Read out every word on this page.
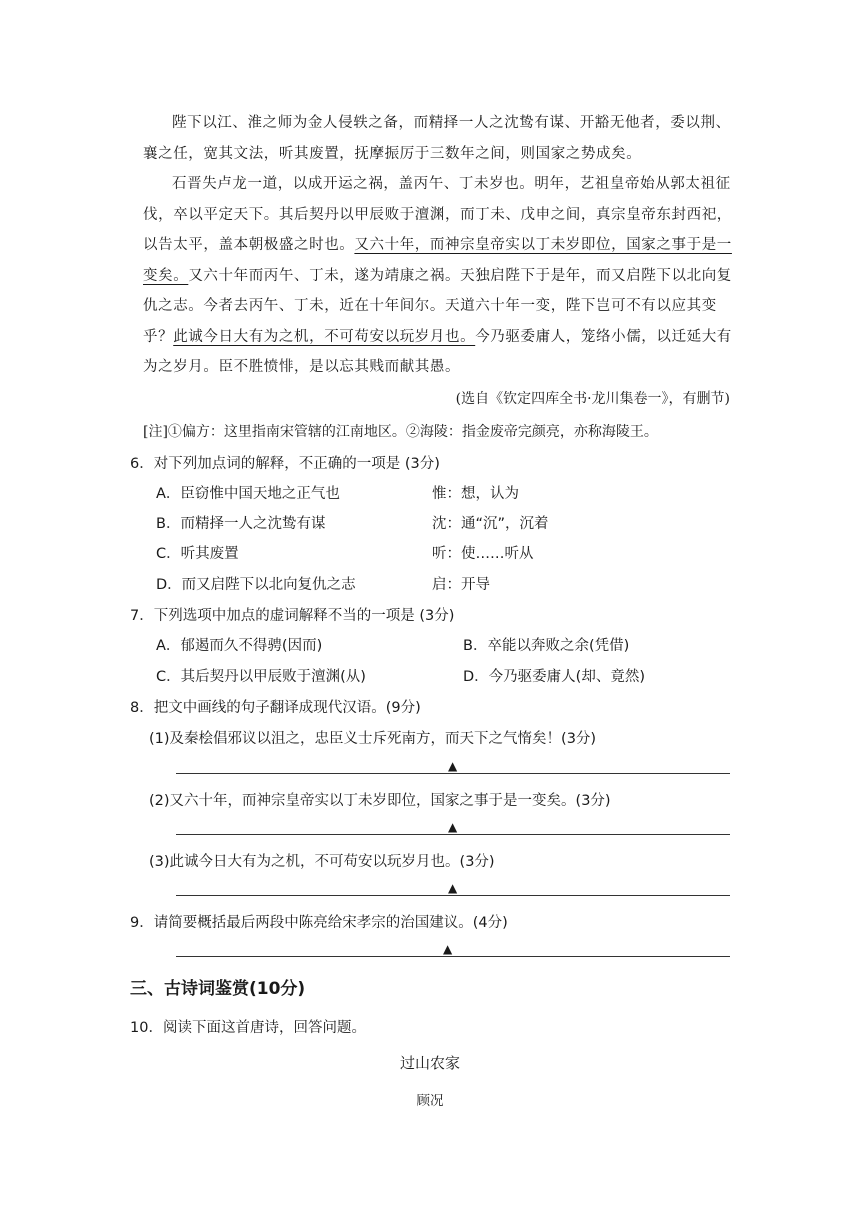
陛下以江、淮之师为金人侵轶之备，而精择一人之沈鸷有谋、开豁无他者，委以荆、襄之任，宽其文法，听其废置，抚摩振厉于三数年之间，则国家之势成矣。

石晋失卢龙一道，以成开运之祸，盖丙午、丁未岁也。明年，艺祖皇帝始从郭太祖征伐，卒以平定天下。其后契丹以甲辰败于澶渊，而丁未、戊申之间，真宗皇帝东封西祀，以告太平，盖本朝极盛之时也。又六十年，而神宗皇帝实以丁未岁即位，国家之事于是一变矣。又六十年而丙午、丁未，遂为靖康之祸。天独启陛下于是年，而又启陛下以北向复仇之志。今者去丙午、丁未，近在十年间尔。天道六十年一变，陛下岂可不有以应其变乎？此诚今日大有为之机，不可苟安以玩岁月也。今乃驱委庸人，笼络小儒，以迁延大有为之岁月。臣不胜愤悱，是以忘其贱而献其愚。

(选自《钦定四库全书·龙川集卷一》，有删节)
[注]①偏方：这里指南宋管辖的江南地区。②海陵：指金废帝完颜亮，亦称海陵王。
6．对下列加点词的解释，不正确的一项是 (3分)
A．臣窃惟中国天地之正气也	惟：想，认为
B．而精择一人之沈鸷有谋	沈：通“沉”，沉着
C．听其废置	听：使……听从
D．而又启陛下以北向复仇之志	启：开导
7．下列选项中加点的虚词解释不当的一项是 (3分)
A．郁遏而久不得骋(因而)	B．卒能以奔败之余(凭借)
C．其后契丹以甲辰败于澶渊(从)	D．今乃驱委庸人(却、竟然)
8．把文中画线的句子翻译成现代汉语。(9分)
(1)及秦桧倡邪议以沮之，忠臣义士斥死南方，而天下之气惰矣！(3分)
▲
(2)又六十年，而神宗皇帝实以丁未岁即位，国家之事于是一变矣。(3分)
▲
(3)此诚今日大有为之机，不可苟安以玩岁月也。(3分)
▲
9．请简要概括最后两段中陈亮给宋孝宗的治国建议。(4分)
▲
三、古诗词鉴赏(10分)
10．阅读下面这首唐诗，回答问题。
过山农家
顾况
